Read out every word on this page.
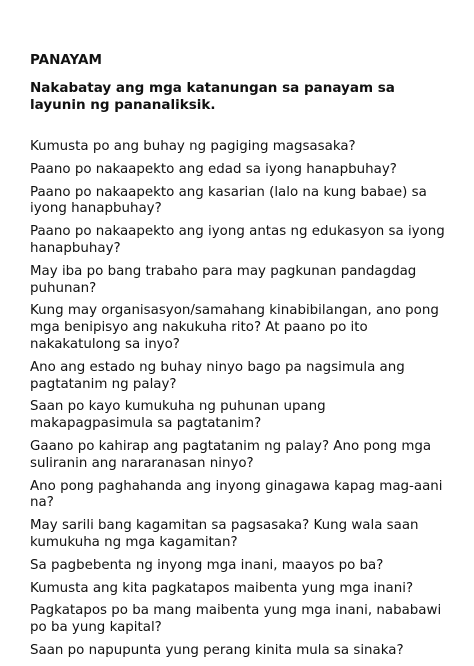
PANAYAM
Nakabatay ang mga katanungan sa panayam sa layunin ng pananaliksik.
Kumusta po ang buhay ng pagiging magsasaka?
Paano po nakaapekto ang edad sa iyong hanapbuhay?
Paano po nakaapekto ang kasarian (lalo na kung babae) sa iyong hanapbuhay?
Paano po nakaapekto ang iyong antas ng edukasyon sa iyong hanapbuhay?
May iba po bang trabaho para may pagkunan pandagdag puhunan?
Kung may organisasyon/samahang kinabibilangan, ano pong mga benipisyo ang nakukuha rito? At paano po ito nakakatulong sa inyo?
Ano ang estado ng buhay ninyo bago pa nagsimula ang pagtatanim ng palay?
Saan po kayo kumukuha ng puhunan upang makapagpasimula sa pagtatanim?
Gaano po kahirap ang pagtatanim ng palay? Ano pong mga suliranin ang nararanasan ninyo?
Ano pong paghahanda ang inyong ginagawa kapag mag-aani na?
May sarili bang kagamitan sa pagsasaka? Kung wala saan kumukuha ng mga kagamitan?
Sa pagbebenta ng inyong mga inani, maayos po ba?
Kumusta ang kita pagkatapos maibenta yung mga inani?
Pagkatapos po ba mang maibenta yung mga inani, nababawi po ba yung kapital?
Saan po napupunta yung perang kinita mula sa sinaka?
